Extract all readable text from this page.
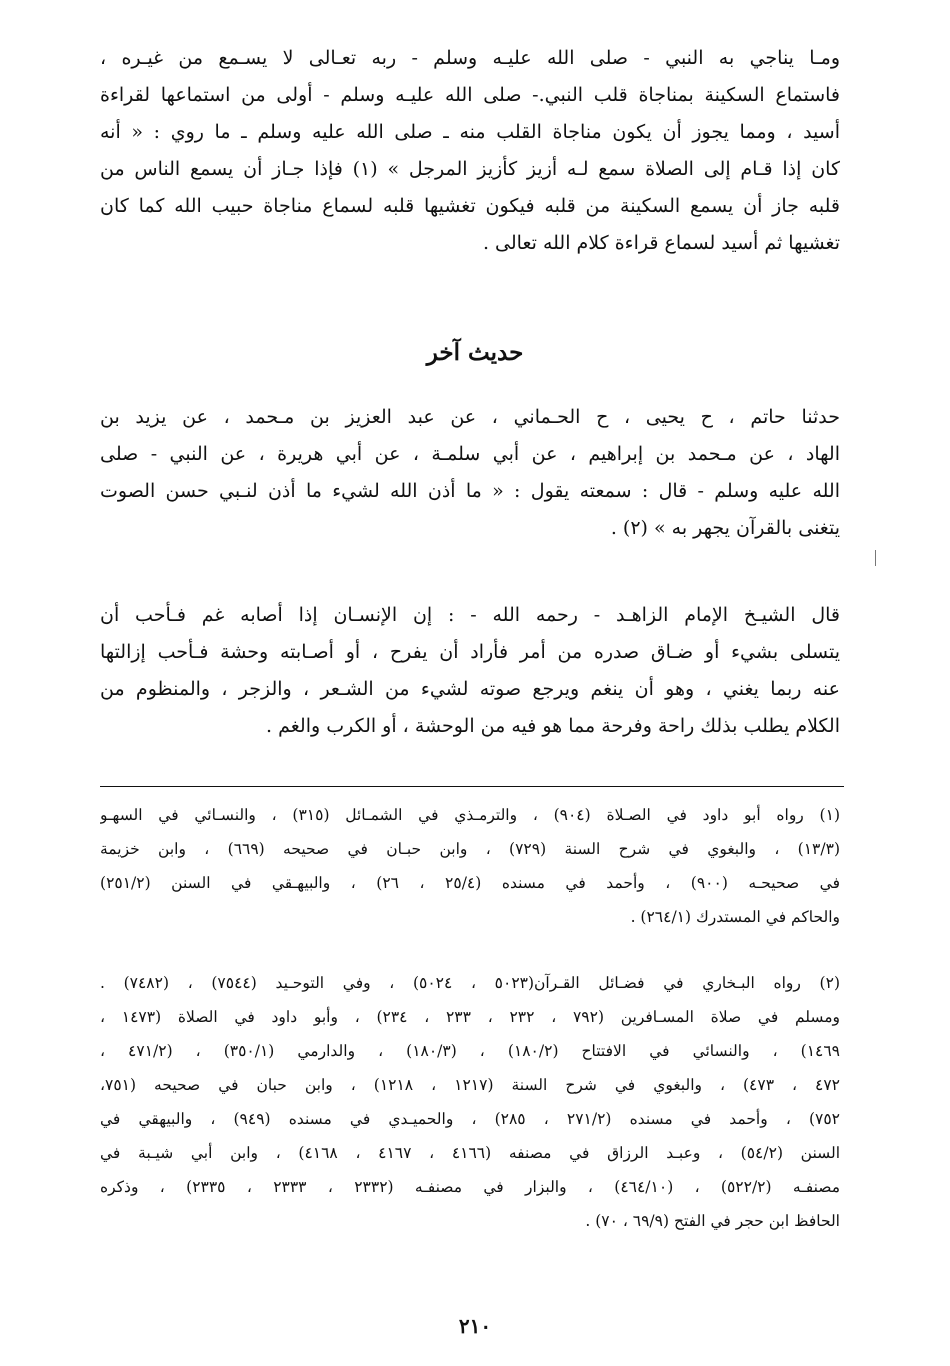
ومـا يناجي به النبي - صلى الله عليـه وسلم - ربه تعـالى لا يسـمع من غيـره ،
فاستماع السكينة بمناجاة قلب النبي.- صلى الله عليـه وسلم - أولى من استماعها لقراءة
أسيد ، ومما يجوز أن يكون مناجاة القلب منه ـ صلى الله عليه وسلم ـ ما روي : « أنه
كان إذا قـام إلى الصلاة سمع لـه أزيز كأزيز المرجل » (١) فإذا جـاز أن يسمع الناس من
قلبه جاز أن يسمع السكينة من قلبه فيكون تغشيها قلبه لسماع مناجاة حبيب الله كما كان
تغشيها ثم أسيد لسماع قراءة كلام الله تعالى .
حديث آخر
حدثنا حاتم ، ح يحيى ، ح الحـماني ، عن عبد العزيز بن مـحمد ، عن يزيد بن
الهاد ، عن مـحمد بن إبراهيم ، عن أبي سلمـة ، عن أبي هريرة ، عن النبي - صلى
الله عليه وسلم - قال : سمعته يقول : « ما أذن الله لشيء ما أذن لنـبي حسن الصوت
يتغنى بالقرآن يجهر به » (٢) .
قال الشيـخ الإمام الزاهـد - رحمه الله - : إن الإنسـان إذا أصابه غم فـأحب أن
يتسلى بشيء أو ضـاق صدره من أمر فأراد أن يفرح ، أو أصـابته وحشة فـأحب إزالتها
عنه ربما يغني ، وهو أن ينغم ويرجع صوته لشيء من الشـعر ، والزجر ، والمنظوم من
الكلام يطلب بذلك راحة وفرحة مما هو فيه من الوحشة ، أو الكرب والغم .
(١) رواه أبو داود في الصـلاة (٩٠٤) ، والترمـذي في الشمـائل (٣١٥) ، والنسـائي في السهـو
(١٣/٣) ، والبغوي في شرح السنة (٧٢٩) ، وابن حبـان في صحيحه (٦٦٩) ، وابن خزيمة
في صحيحـه (٩٠٠) ، وأحمد في مسنده (٢٥/٤ ، ٢٦) ، والبيهـقي في السنن (٢٥١/٢)
والحاكم في المستدرك (٢٦٤/١) .
(٢) رواه البـخاري في فضـائل القـرآن(٥٠٢٣ ، ٥٠٢٤) ، وفي التوحـيد (٧٥٤٤) ، (٧٤٨٢) .
ومسلم في صلاة المسـافرين (٧٩٢ ، ٢٣٢ ، ٢٣٣ ، ٢٣٤) ، وأبو داود في الصلاة (١٤٧٣ ،
١٤٦٩) ، والنسائي في الافتتاح (١٨٠/٢) ، (١٨٠/٣) ، والدارمي (٣٥٠/١) ، (٤٧١/٢ ،
٤٧٢ ، ٤٧٣) ، والبغوي في شرح السنة (١٢١٧ ، ١٢١٨) ، وابن حبان في صحيحه (٧٥١،
٧٥٢) ، وأحمد في مسنده (٢٧١/٢ ، ٢٨٥) ، والحميـدي في مسنده (٩٤٩) ، والبيهقي في
السنن (٥٤/٢) ، وعبـد الرزاق في مصنفه (٤١٦٦ ، ٤١٦٧ ، ٤١٦٨) ، وابن أبي شيـبة في
مصنفـه (٥٢٢/٢) ، (٤٦٤/١٠) ، والبزار في مصنفـه (٢٣٣٢ ، ٢٣٣٣ ، ٢٣٣٥) ، وذكره
الحافظ ابن حجر في الفتح (٦٩/٩ ، ٧٠) .
٢١٠
